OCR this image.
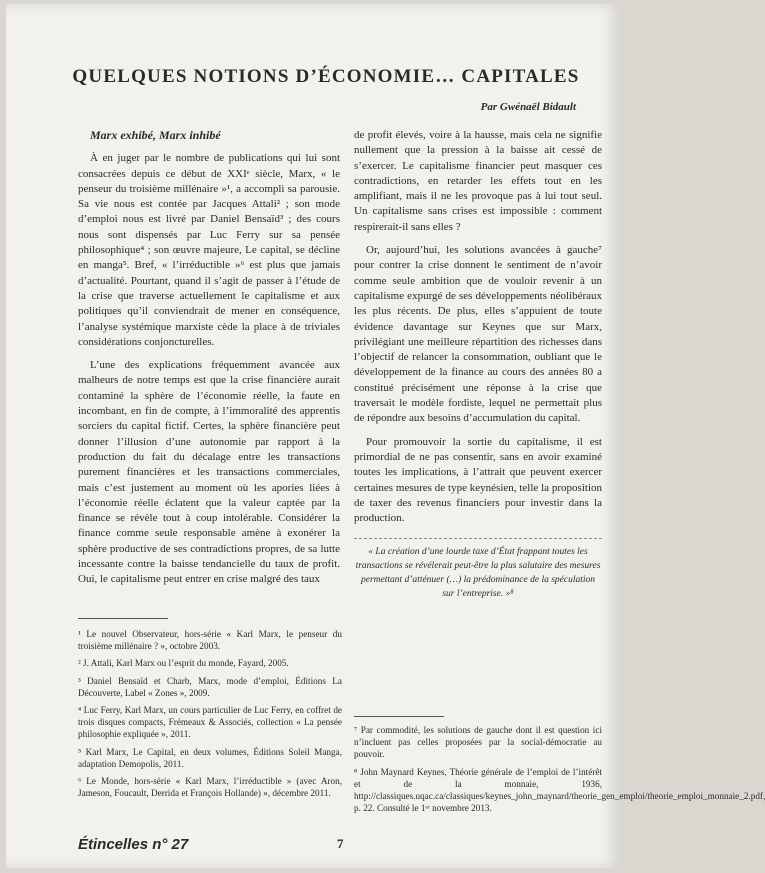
QUELQUES NOTIONS D’ÉCONOMIE… CAPITALES
Par Gwénaël Bidault

Marx exhibé, Marx inhibé

À en juger par le nombre de publications qui lui sont consacrées depuis ce début de XXIᵉ siècle, Marx, « le penseur du troisième millénaire »¹, a accompli sa parousie. Sa vie nous est contée par Jacques Attali² ; son mode d’emploi nous est livré par Daniel Bensaïd³ ; des cours nous sont dispensés par Luc Ferry sur sa pensée philosophique⁴ ; son œuvre majeure, Le capital, se décline en manga⁵. Bref, « l’irréductible »⁶ est plus que jamais d’actualité. Pourtant, quand il s’agit de passer à l’étude de la crise que traverse actuellement le capitalisme et aux politiques qu’il conviendrait de mener en conséquence, l’analyse systémique marxiste cède la place à de triviales considérations conjoncturelles.

L’une des explications fréquemment avancée aux malheurs de notre temps est que la crise financière aurait contaminé la sphère de l’économie réelle, la faute en incombant, en fin de compte, à l’immoralité des apprentis sorciers du capital fictif. Certes, la sphère financière peut donner l’illusion d’une autonomie par rapport à la production du fait du décalage entre les transactions purement financières et les transactions commerciales, mais c’est justement au moment où les apories liées à l’économie réelle éclatent que la valeur captée par la finance se révèle tout à coup intolérable. Considérer la finance comme seule responsable amène à exonérer la sphère productive de ses contradictions propres, de sa lutte incessante contre la baisse tendancielle du taux de profit. Oui, le capitalisme peut entrer en crise malgré des taux

de profit élevés, voire à la hausse, mais cela ne signifie nullement que la pression à la baisse ait cessé de s’exercer. Le capitalisme financier peut masquer ces contradictions, en retarder les effets tout en les amplifiant, mais il ne les provoque pas à lui tout seul. Un capitalisme sans crises est impossible : comment respirerait-il sans elles ?

Or, aujourd’hui, les solutions avancées à gauche⁷ pour contrer la crise donnent le sentiment de n’avoir comme seule ambition que de vouloir revenir à un capitalisme expurgé de ses développements néolibéraux les plus récents. De plus, elles s’appuient de toute évidence davantage sur Keynes que sur Marx, privilégiant une meilleure répartition des richesses dans l’objectif de relancer la consommation, oubliant que le développement de la finance au cours des années 80 a constitué précisément une réponse à la crise que traversait le modèle fordiste, lequel ne permettait plus de répondre aux besoins d’accumulation du capital.

Pour promouvoir la sortie du capitalisme, il est primordial de ne pas consentir, sans en avoir examiné toutes les implications, à l’attrait que peuvent exercer certaines mesures de type keynésien, telle la proposition de taxer des revenus financiers pour investir dans la production.

« La création d’une lourde taxe d’État frappant toutes les transactions se révélerait peut-être la plus salutaire des mesures permettant d’atténuer (…) la prédominance de la spéculation sur l’entreprise. »⁸

¹ Le nouvel Observateur, hors-série « Karl Marx, le penseur du troisième millénaire ? », octobre 2003.

² J. Attali, Karl Marx ou l’esprit du monde, Fayard, 2005.

³ Daniel Bensaïd et Charb, Marx, mode d’emploi, Éditions La Découverte, Label « Zones », 2009.

⁴ Luc Ferry, Karl Marx, un cours particulier de Luc Ferry, en coffret de trois disques compacts, Frémeaux & Associés, collection « La pensée philosophie expliquée », 2011.

⁵ Karl Marx, Le Capital, en deux volumes, Éditions Soleil Manga, adaptation Demopolis, 2011.

⁶ Le Monde, hors-série « Karl Marx, l’irréductible » (avec Aron, Jameson, Foucault, Derrida et François Hollande) », décembre 2011.

⁷ Par commodité, les solutions de gauche dont il est question ici n’incluent pas celles proposées par la social-démocratie au pouvoir.

⁸ John Maynard Keynes, Théorie générale de l’emploi de l’intérêt et de la monnaie, 1936, http://classiques.uqac.ca/classiques/keynes_john_maynard/theorie_gen_emploi/theorie_emploi_monnaie_2.pdf, p. 22. Consulté le 1ᵉʳ novembre 2013.

Étincelles n° 27	7
